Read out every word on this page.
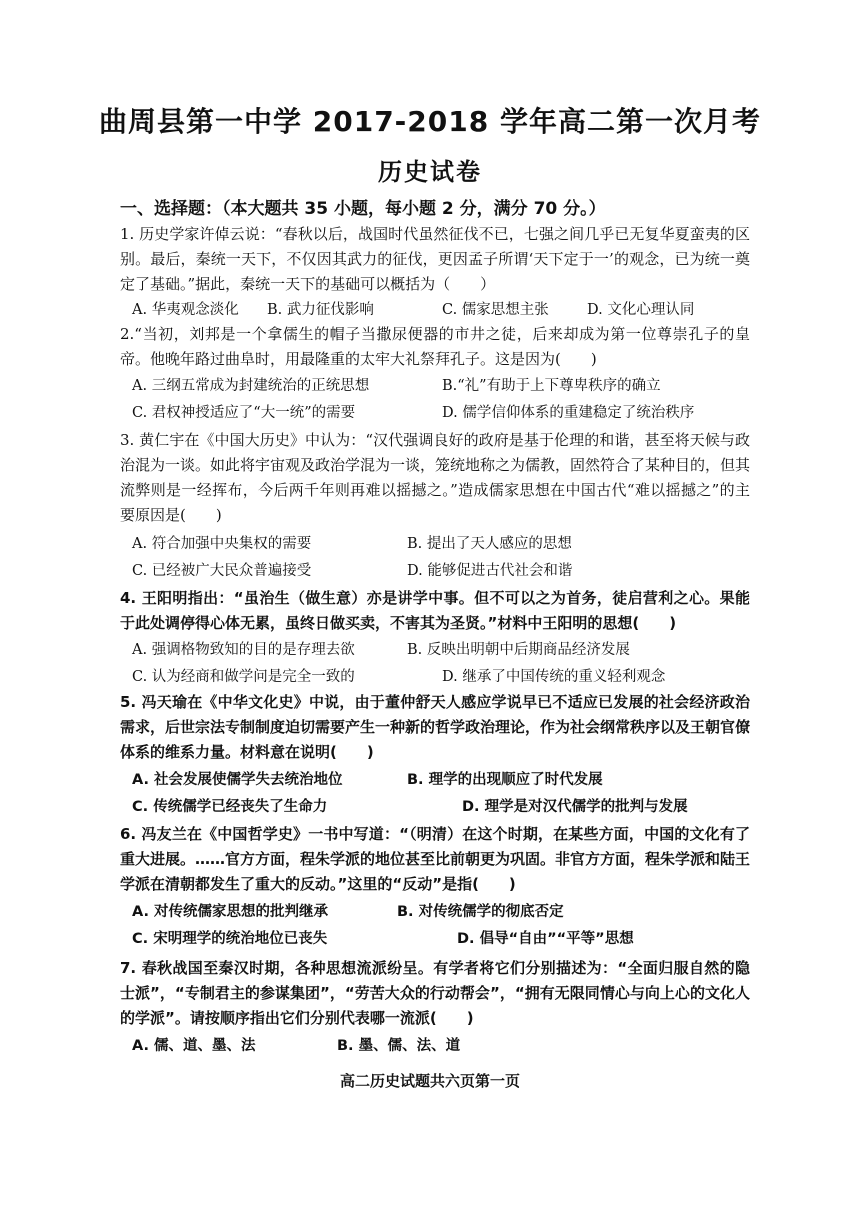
曲周县第一中学 2017-2018 学年高二第一次月考
历史试卷
一、选择题：（本大题共 35 小题，每小题 2 分，满分 70 分。）
1. 历史学家许倬云说：“春秋以后，战国时代虽然征伐不已，七强之间几乎已无复华夏蛮夷的区别。最后，秦统一天下，不仅因其武力的征伐，更因孟子所谓‘天下定于一’的观念，已为统一奠定了基础。”据此，秦统一天下的基础可以概括为（　　）
A. 华夷观念淡化 B. 武力征伐影响	C. 儒家思想主张	D. 文化心理认同
2.“当初，刘邦是一个拿儒生的帽子当撒尿便器的市井之徒，后来却成为第一位尊崇孔子的皇帝。他晚年路过曲阜时，用最隆重的太牢大礼祭拜孔子。这是因为(　　)
A. 三纲五常成为封建统治的正统思想	B.“礼”有助于上下尊卑秩序的确立
C. 君权神授适应了“大一统”的需要	D. 儒学信仰体系的重建稳定了统治秩序
3. 黄仁宇在《中国大历史》中认为：“汉代强调良好的政府是基于伦理的和谐，甚至将天候与政治混为一谈。如此将宇宙观及政治学混为一谈，笼统地称之为儒教，固然符合了某种目的，但其流弊则是一经挥布，今后两千年则再难以摇撼之。”造成儒家思想在中国古代“难以摇撼之”的主要原因是(　　)
A. 符合加强中央集权的需要	B. 提出了天人感应的思想
C. 已经被广大民众普遍接受	D. 能够促进古代社会和谐
4. 王阳明指出：“虽治生（做生意）亦是讲学中事。但不可以之为首务，徒启营利之心。果能于此处调停得心体无累，虽终日做买卖，不害其为圣贤。”材料中王阳明的思想(　　)
A. 强调格物致知的目的是存理去欲	B. 反映出明朝中后期商品经济发展
C. 认为经商和做学问是完全一致的	D. 继承了中国传统的重义轻利观念
5. 冯天瑜在《中华文化史》中说，由于董仲舒天人感应学说早已不适应已发展的社会经济政治需求，后世宗法专制制度迫切需要产生一种新的哲学政治理论，作为社会纲常秩序以及王朝官僚体系的维系力量。材料意在说明(　　)
A. 社会发展使儒学失去统治地位	B. 理学的出现顺应了时代发展
C. 传统儒学已经丧失了生命力	D. 理学是对汉代儒学的批判与发展
6. 冯友兰在《中国哲学史》一书中写道：“（明清）在这个时期，在某些方面，中国的文化有了重大进展。……官方方面，程朱学派的地位甚至比前朝更为巩固。非官方方面，程朱学派和陆王学派在清朝都发生了重大的反动。”这里的“反动”是指(　　)
A. 对传统儒家思想的批判继承	B. 对传统儒学的彻底否定
C. 宋明理学的统治地位已丧失	D. 倡导“自由”“平等”思想
7. 春秋战国至秦汉时期，各种思想流派纷呈。有学者将它们分别描述为：“全面归服自然的隐士派”，“专制君主的参谋集团”，“劳苦大众的行动帮会”，“拥有无限同情心与向上心的文化人的学派”。请按顺序指出它们分别代表哪一流派(　　)
A. 儒、道、墨、法	B. 墨、儒、法、道
高二历史试题共六页第一页
